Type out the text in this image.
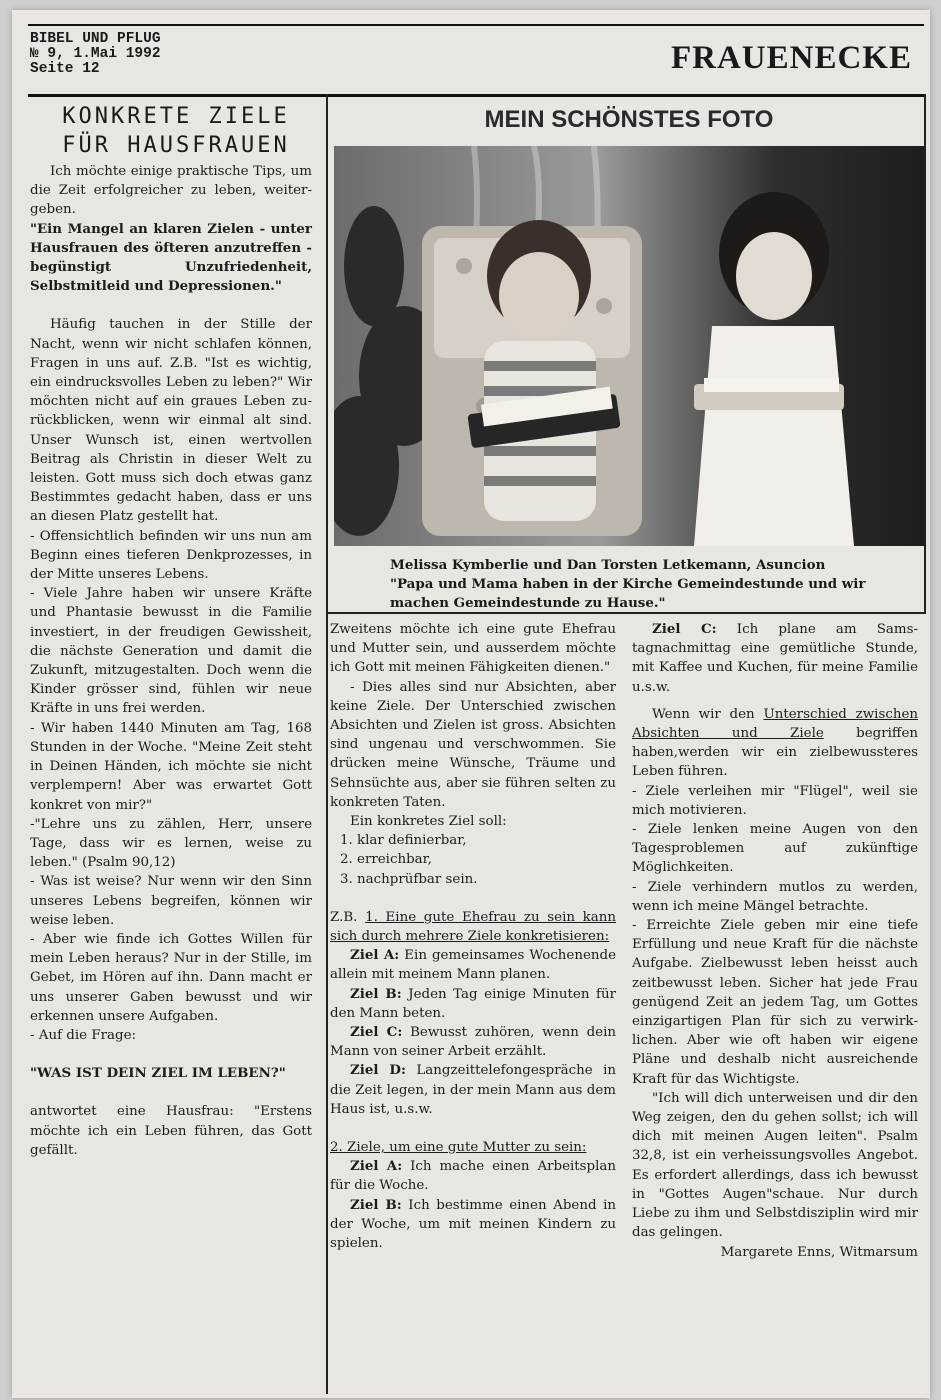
BIBEL UND PFLUG
№ 9, 1.Mai 1992
Seite 12	FRAUENECKE
KONKRETE ZIELE
FÜR HAUSFRAUEN

Ich möchte einige praktische Tips, um die Zeit erfolgreicher zu leben, weitergeben.

"Ein Mangel an klaren Zielen - unter Hausfrauen des öfteren anzutreffen - begünstigt Unzufriedenheit, Selbstmitleid und Depressionen."

Häufig tauchen in der Stille der Nacht, wenn wir nicht schlafen können, Fragen in uns auf. Z.B. "Ist es wichtig, ein eindrucksvolles Leben zu leben?" Wir möchten nicht auf ein graues Leben zurückblicken, wenn wir einmal alt sind. Unser Wunsch ist, einen wertvollen Beitrag als Christin in dieser Welt zu leisten. Gott muss sich doch etwas ganz Bestimmtes gedacht haben, dass er uns an diesen Platz gestellt hat.

- Offensichtlich befinden wir uns nun am Beginn eines tieferen Denkprozesses, in der Mitte unseres Lebens.

- Viele Jahre haben wir unsere Kräfte und Phantasie bewusst in die Familie investiert, in der freudigen Gewissheit, die nächste Generation und damit die Zukunft, mitzugestalten. Doch wenn die Kinder grösser sind, fühlen wir neue Kräfte in uns frei werden.

- Wir haben 1440 Minuten am Tag, 168 Stunden in der Woche. "Meine Zeit steht in Deinen Händen, ich möchte sie nicht verplempern! Aber was erwartet Gott konkret von mir?"

-"Lehre uns zu zählen, Herr, unsere Tage, dass wir es lernen, weise zu leben." (Psalm 90,12)

- Was ist weise? Nur wenn wir den Sinn unseres Lebens begreifen, können wir weise leben.

- Aber wie finde ich Gottes Willen für mein Leben heraus? Nur in der Stille, im Gebet, im Hören auf ihn. Dann macht er uns unserer Gaben bewusst und wir erkennen unsere Aufgaben.

- Auf die Frage:

"WAS IST DEIN ZIEL IM LEBEN?"

antwortet eine Hausfrau: "Erstens möchte ich ein Leben führen, das Gott gefällt.

MEIN SCHÖNSTES FOTO

Melissa Kymberlie und Dan Torsten Letkemann, Asuncion

"Papa und Mama haben in der Kirche Gemeindestunde und wir machen Gemeindestunde zu Hause."

Zweitens möchte ich eine gute Ehefrau und Mutter sein, und ausserdem möchte ich Gott mit meinen Fähigkeiten dienen."

- Dies alles sind nur Absichten, aber keine Ziele. Der Unterschied zwischen Absichten und Zielen ist gross. Absichten sind ungenau und verschwommen. Sie drücken meine Wünsche, Träume und Sehnsüchte aus, aber sie führen selten zu konkreten Taten.

Ein konkretes Ziel soll:

1. klar definierbar,

2. erreichbar,

3. nachprüfbar sein.

Z.B. 1. Eine gute Ehefrau zu sein kann sich durch mehrere Ziele konkretisieren:

Ziel A: Ein gemeinsames Wochenende allein mit meinem Mann planen.

Ziel B: Jeden Tag einige Minuten für den Mann beten.

Ziel C: Bewusst zuhören, wenn dein Mann von seiner Arbeit erzählt.

Ziel D: Langzeittelefongespräche in die Zeit legen, in der mein Mann aus dem Haus ist, u.s.w.

2. Ziele, um eine gute Mutter zu sein:

Ziel A: Ich mache einen Arbeitsplan für die Woche.

Ziel B: Ich bestimme einen Abend in der Woche, um mit meinen Kindern zu spielen.

Ziel C: Ich plane am Samstagnachmittag eine gemütliche Stunde, mit Kaffee und Kuchen, für meine Familie u.s.w.

Wenn wir den Unterschied zwischen Absichten und Ziele begriffen haben,werden wir ein zielbewussteres Leben führen.

- Ziele verleihen mir "Flügel", weil sie mich motivieren.

- Ziele lenken meine Augen von den Tagesproblemen auf zukünftige Möglichkeiten.

- Ziele verhindern mutlos zu werden, wenn ich meine Mängel betrachte.

- Erreichte Ziele geben mir eine tiefe Erfüllung und neue Kraft für die nächste Aufgabe. Zielbewusst leben heisst auch zeitbewusst leben. Sicher hat jede Frau genügend Zeit an jedem Tag, um Gottes einzigartigen Plan für sich zu verwirklichen. Aber wie oft haben wir eigene Pläne und deshalb nicht ausreichende Kraft für das Wichtigste.

"Ich will dich unterweisen und dir den Weg zeigen, den du gehen sollst; ich will dich mit meinen Augen leiten". Psalm 32,8, ist ein verheissungsvolles Angebot. Es erfordert allerdings, dass ich bewusst in "Gottes Augen"schaue. Nur durch Liebe zu ihm und Selbstdisziplin wird mir das gelingen.

Margarete Enns, Witmarsum
